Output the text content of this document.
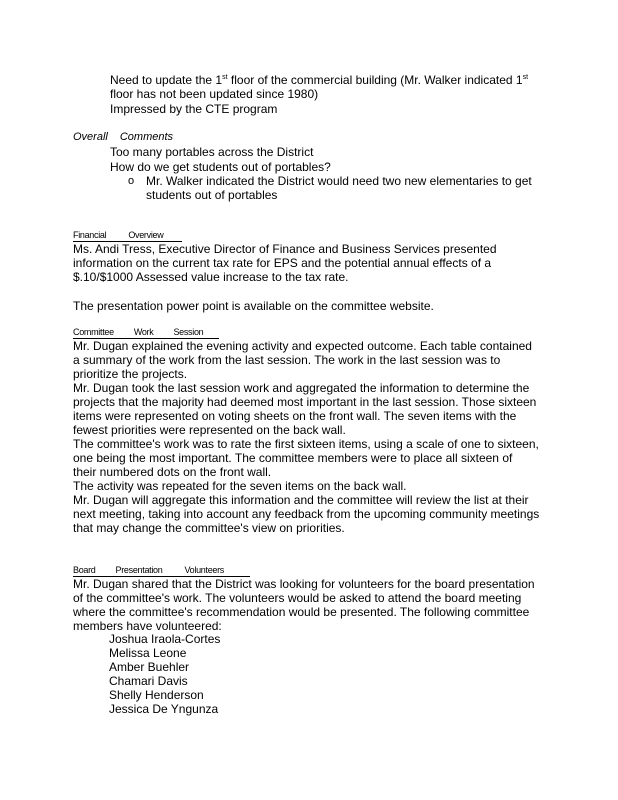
Need to update the 1st floor of the commercial building (Mr. Walker indicated 1st
floor has not been updated since 1980)
Impressed by the CTE program
Overall Comments
Too many portables across the District
How do we get students out of portables?
o Mr. Walker indicated the District would need two new elementaries to get
students out of portables
Financial Overview
Ms. Andi Tress, Executive Director of Finance and Business Services presented
information on the current tax rate for EPS and the potential annual effects of a
$.10/$1000 Assessed value increase to the tax rate.
The presentation power point is available on the committee website.
Committee Work Session
Mr. Dugan explained the evening activity and expected outcome. Each table contained
a summary of the work from the last session. The work in the last session was to
prioritize the projects.
Mr. Dugan took the last session work and aggregated the information to determine the
projects that the majority had deemed most important in the last session. Those sixteen
items were represented on voting sheets on the front wall. The seven items with the
fewest priorities were represented on the back wall.
The committee's work was to rate the first sixteen items, using a scale of one to sixteen,
one being the most important. The committee members were to place all sixteen of
their numbered dots on the front wall.
The activity was repeated for the seven items on the back wall.
Mr. Dugan will aggregate this information and the committee will review the list at their
next meeting, taking into account any feedback from the upcoming community meetings
that may change the committee's view on priorities.
Board Presentation Volunteers
Mr. Dugan shared that the District was looking for volunteers for the board presentation
of the committee's work. The volunteers would be asked to attend the board meeting
where the committee's recommendation would be presented. The following committee
members have volunteered:
Joshua Iraola-Cortes
Melissa Leone
Amber Buehler
Chamari Davis
Shelly Henderson
Jessica De Yngunza
